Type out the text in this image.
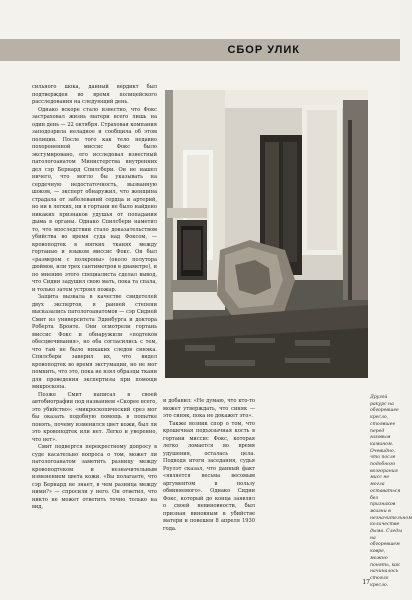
СБОР УЛИК

сильного шока, данный вердикт был подтвержден во время полицейского расследования на следующий день.

Однако вскоре стало известно, что Фокс застраховал жизнь матери всего лишь на один день — 22 октября. Страховая компания заподозрила неладное и сообщила об этом полиции. После того как тело недавно похороненной миссис Фокс было эксгумировано, его исследовал известный патологоанатом Министерства внутренних дел сэр Бернард Спилсбери. Он не нашел ничего, что могло бы указывать на сердечную недостаточность, вызванную шоком, — эксперт обнаружил, что женщина страдала от заболеваний сердца и артерий, но ни в легких, ни в гортани не было найдено никаких признаков удушья от попадания дыма в органы. Однако Спилсбери наметил то, что впоследствии стало доказательством убийства во время суда над Фоксом, — кровоподтек в мягких тканях между гортанью и языком миссис Фокс. Он был «размером с полкроны» (около полутора дюймов, или трех сантиметров в диаметре), и по мнению этого специалиста сделал вывод, что Сидни задушил свою мать, пока та спала, и только затем устроил пожар.

Защита вызвала в качестве свидетелей двух экспертов, в ранней степени высказались патологоанатомов — сэр Сидней Смит из университета Эдинбурга и доктора Роберта Бронте. Они осмотрели гортань миссис Фокс и обнаружили «подтеков обесцвечивания», но оба согласились с тем, что там не было никаких следов синяка. Спилсбери заверил их, что видел кровоподтек во время эксгумации, но не мог помнить, что это, пока не взял образцы ткани для проведения экспертизы при помощи микроскопа.

Позже Смит написал в своей автобиографии под названием «Скорее всего, это убийство»: «микроскопический срез мог бы оказать подобную помощь в попытке понять, почему изменился цвет кожи, был ли это кровоподтек или нет. Легко и уверенно, что нет».

Смит подвергся перекрестному допросу в суде касательно вопроса о том, может ли патологоанатом заметить разницу между кровоподтеком и незначительным изменением цвета кожи. «Вы полагаете, что сэр Бернард не знает, в чем разница между ними?» — спросили у него. Он ответил, что никто не может ответить точно только на вид,

и добавил: «Не думаю, что кто-то может утверждать, что синяк — это синяк, пока не докажет это».

Также возник спор о том, что крошечная подъязычная кость в гортани миссис Фокс, которая легко ломается во время удушения, осталась цела. Подводя итоги заседания, судья Роулэт сказал, что данный факт «является весьма весомым аргументом в пользу обвиняемого». Однако Сидни Фокс, который до конца заявлял о своей невиновности, был признан виновным в убийстве матери и повешен 8 апреля 1930 года.

Другой ракурс на обгоревшее кресло, стоявшее перед газовым камином. Очевидно, что после подобного возгорания мисс не могла оставаться без признаков жизни в незначительном количестве дыма. Следы на обгоревшем ковре, можно понять, как начиналось стояло кресло.
17
